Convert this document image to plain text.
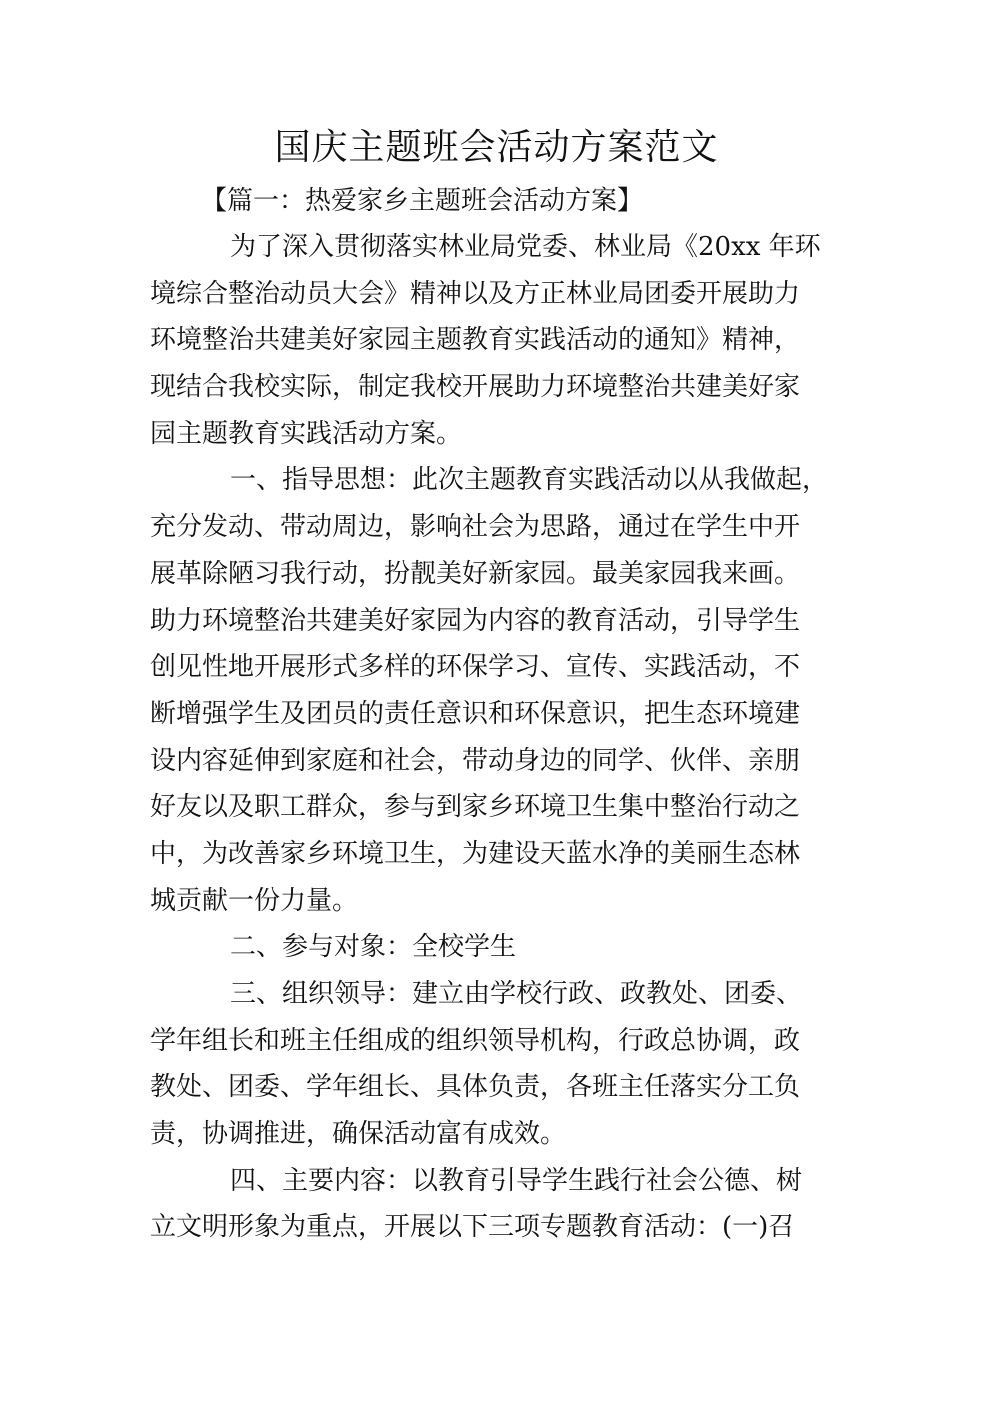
国庆主题班会活动方案范文

【篇一：热爱家乡主题班会活动方案】

为了深入贯彻落实林业局党委、林业局《20xx 年环

境综合整治动员大会》精神以及方正林业局团委开展助力

环境整治共建美好家园主题教育实践活动的通知》精神，

现结合我校实际，制定我校开展助力环境整治共建美好家

园主题教育实践活动方案。

一、指导思想：此次主题教育实践活动以从我做起，

充分发动、带动周边，影响社会为思路，通过在学生中开

展革除陋习我行动，扮靓美好新家园。最美家园我来画。

助力环境整治共建美好家园为内容的教育活动，引导学生

创见性地开展形式多样的环保学习、宣传、实践活动，不

断增强学生及团员的责任意识和环保意识，把生态环境建

设内容延伸到家庭和社会，带动身边的同学、伙伴、亲朋

好友以及职工群众，参与到家乡环境卫生集中整治行动之

中，为改善家乡环境卫生，为建设天蓝水净的美丽生态林

城贡献一份力量。

二、参与对象：全校学生

三、组织领导：建立由学校行政、政教处、团委、

学年组长和班主任组成的组织领导机构，行政总协调，政

教处、团委、学年组长、具体负责，各班主任落实分工负

责，协调推进，确保活动富有成效。

四、主要内容：以教育引导学生践行社会公德、树

立文明形象为重点，开展以下三项专题教育活动：(一)召
